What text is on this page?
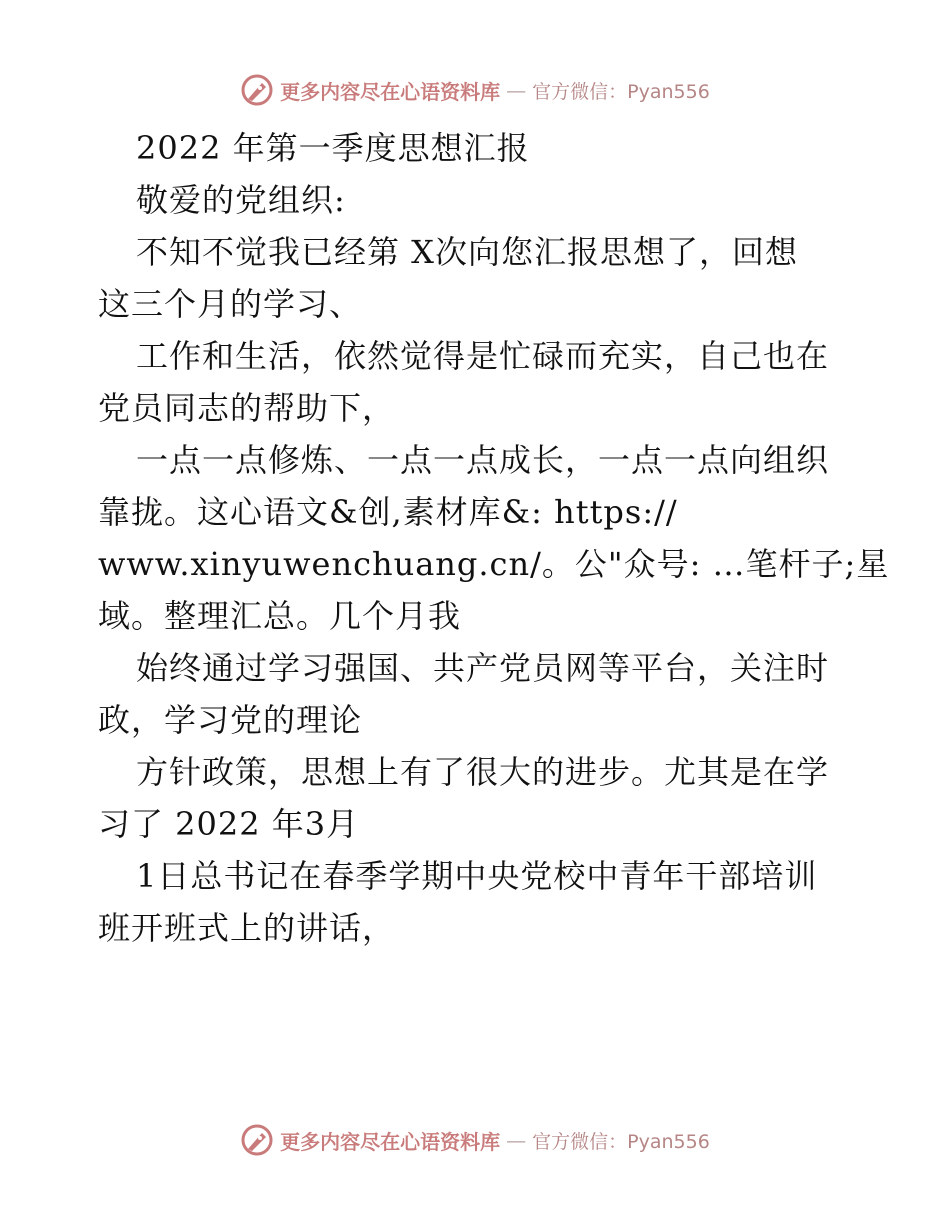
更多内容尽在心语资料库 — 官方微信：Pyan556
2022 年第一季度思想汇报
敬爱的党组织:
不知不觉我已经第 X次向您汇报思想了，回想
这三个月的学习、
工作和生活，依然觉得是忙碌而充实，自己也在
党员同志的帮助下，
一点一点修炼、一点一点成长，一点一点向组织
靠拢。这心语文&创,素材库&: https://
www.xinyuwenchuang.cn/。公"众号: …笔杆子;星
域。整理汇总。几个月我
始终通过学习强国、共产党员网等平台，关注时
政，学习党的理论
方针政策，思想上有了很大的进步。尤其是在学
习了 2022 年3月
1日总书记在春季学期中央党校中青年干部培训
班开班式上的讲话，
更多内容尽在心语资料库 — 官方微信：Pyan556
